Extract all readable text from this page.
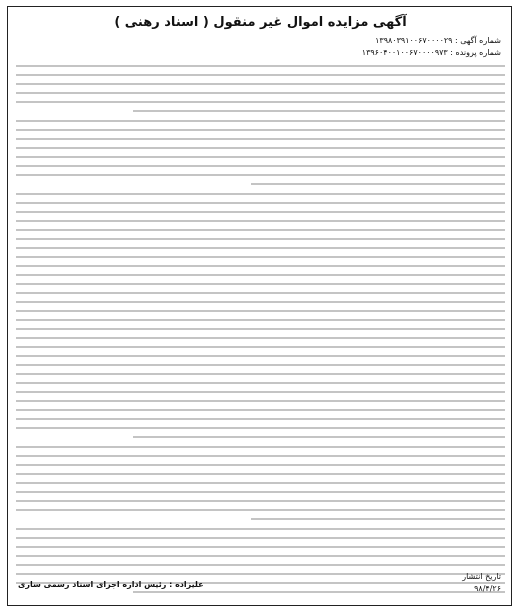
آگهی مزایده اموال غیر منقول ( اسناد رهنی )
شماره آگهی : ۱۳۹۸۰۳۹۱۰۰۶۷۰۰۰۰۲۹
شماره پرونده : ۱۳۹۶۰۴۰۰۱۰۰۶۷۰۰۰۰۹۷۳
تاریخ انتشار
۹۸/۴/۲۶
علیزاده : رئیس اداره اجرای اسناد رسمی ساری
